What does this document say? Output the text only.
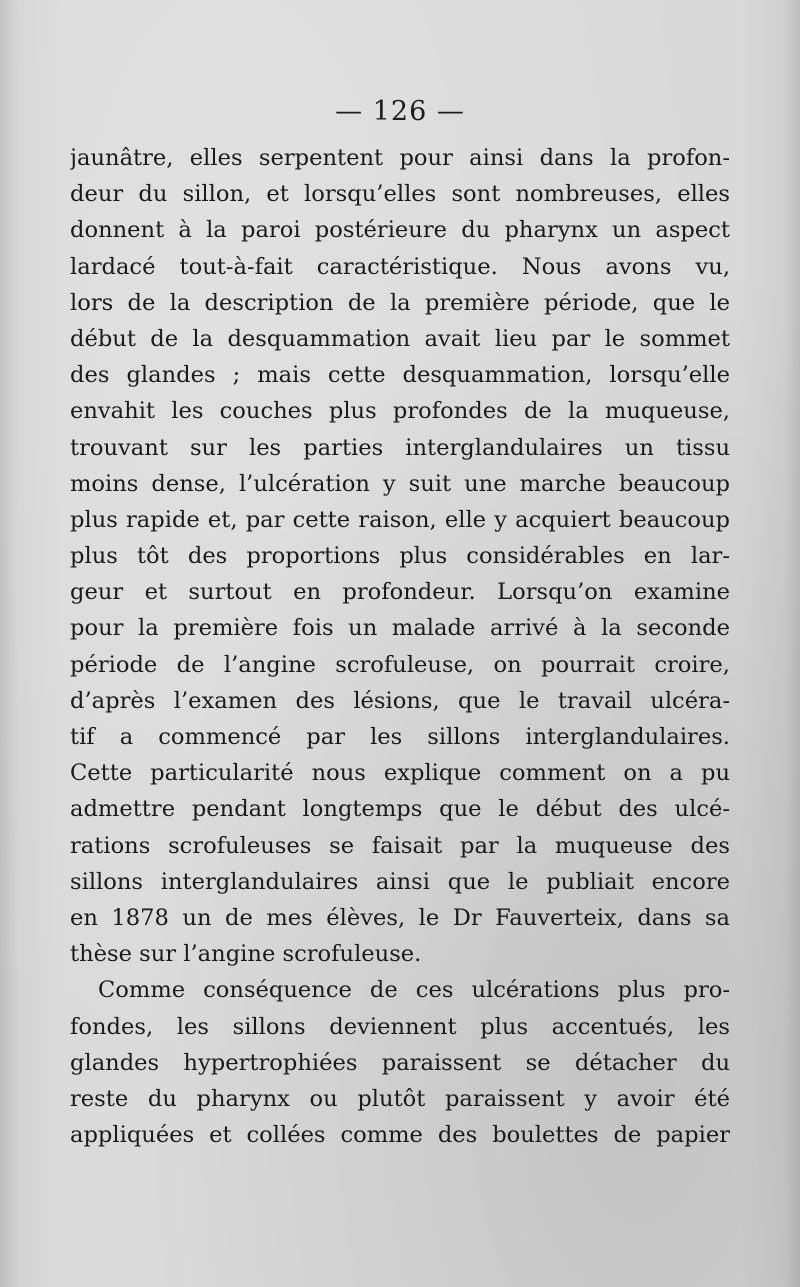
— 126 —
jaunâtre, elles serpentent pour ainsi dans la profon-
deur du sillon, et lorsqu’elles sont nombreuses, elles
donnent à la paroi postérieure du pharynx un aspect
lardacé tout-à-fait caractéristique. Nous avons vu,
lors de la description de la première période, que le
début de la desquammation avait lieu par le sommet
des glandes ; mais cette desquammation, lorsqu’elle
envahit les couches plus profondes de la muqueuse,
trouvant sur les parties interglandulaires un tissu
moins dense, l’ulcération y suit une marche beaucoup
plus rapide et, par cette raison, elle y acquiert beaucoup
plus tôt des proportions plus considérables en lar-
geur et surtout en profondeur. Lorsqu’on examine
pour la première fois un malade arrivé à la seconde
période de l’angine scrofuleuse, on pourrait croire,
d’après l’examen des lésions, que le travail ulcéra-
tif a commencé par les sillons interglandulaires.
Cette particularité nous explique comment on a pu
admettre pendant longtemps que le début des ulcé-
rations scrofuleuses se faisait par la muqueuse des
sillons interglandulaires ainsi que le publiait encore
en 1878 un de mes élèves, le Dr Fauverteix, dans sa
thèse sur l’angine scrofuleuse.
Comme conséquence de ces ulcérations plus pro-
fondes, les sillons deviennent plus accentués, les
glandes hypertrophiées paraissent se détacher du
reste du pharynx ou plutôt paraissent y avoir été
appliquées et collées comme des boulettes de papier
